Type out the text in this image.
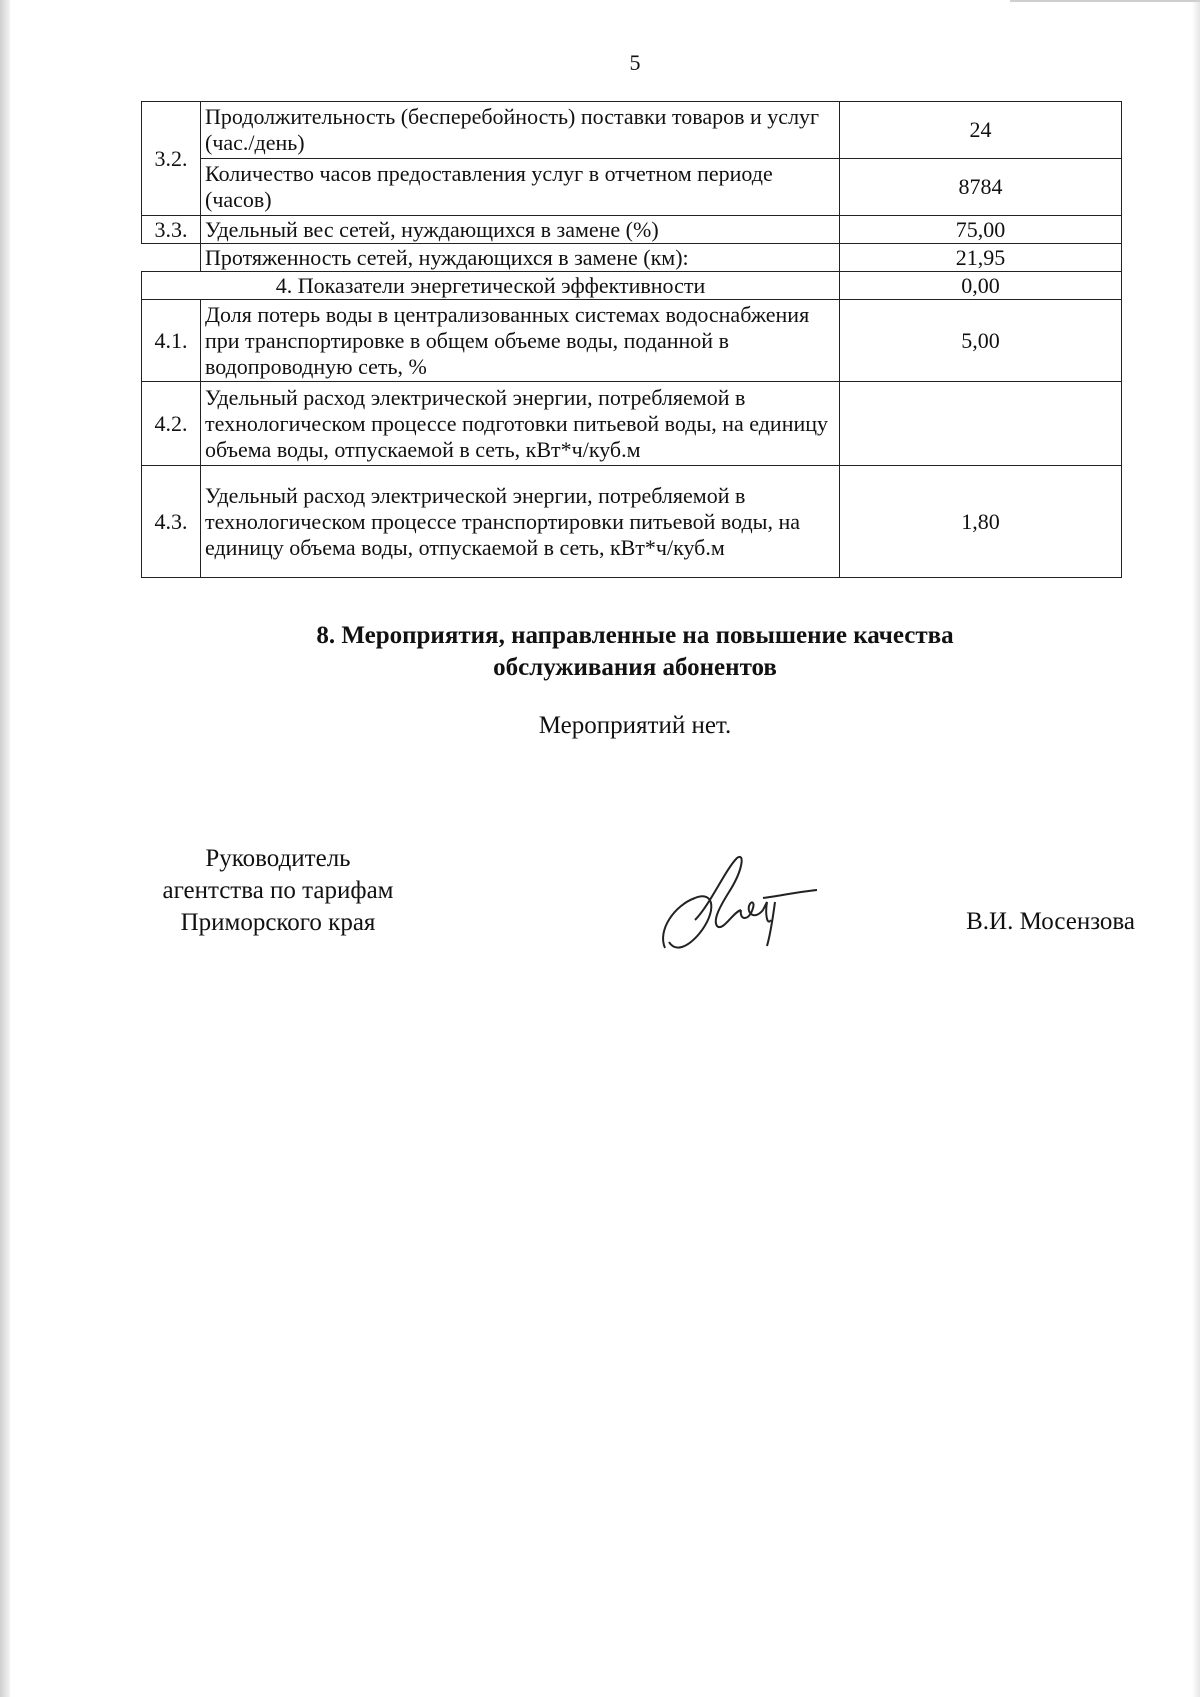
5
3.2.	Продолжительность (бесперебойность) поставки товаров и услуг (час./день)	24
	Количество часов предоставления услуг в отчетном периоде (часов)	8784
3.3.	Удельный вес сетей, нуждающихся в замене (%)	75,00
	Протяженность сетей, нуждающихся в замене (км):	21,95
4. Показатели энергетической эффективности		0,00
4.1.	Доля потерь воды в централизованных системах водоснабжения при транспортировке в общем объеме воды, поданной в водопроводную сеть, %	5,00
4.2.	Удельный расход электрической энергии, потребляемой в технологическом процессе подготовки питьевой воды, на единицу объема воды, отпускаемой в сеть, кВт*ч/куб.м	
4.3.	Удельный расход электрической энергии, потребляемой в технологическом процессе транспортировки питьевой воды, на единицу объема воды, отпускаемой в сеть, кВт*ч/куб.м	1,80
8. Мероприятия, направленные на повышение качества
обслуживания абонентов
Мероприятий нет.
Руководитель
агентства по тарифам
Приморского края	В.И. Мосензова
